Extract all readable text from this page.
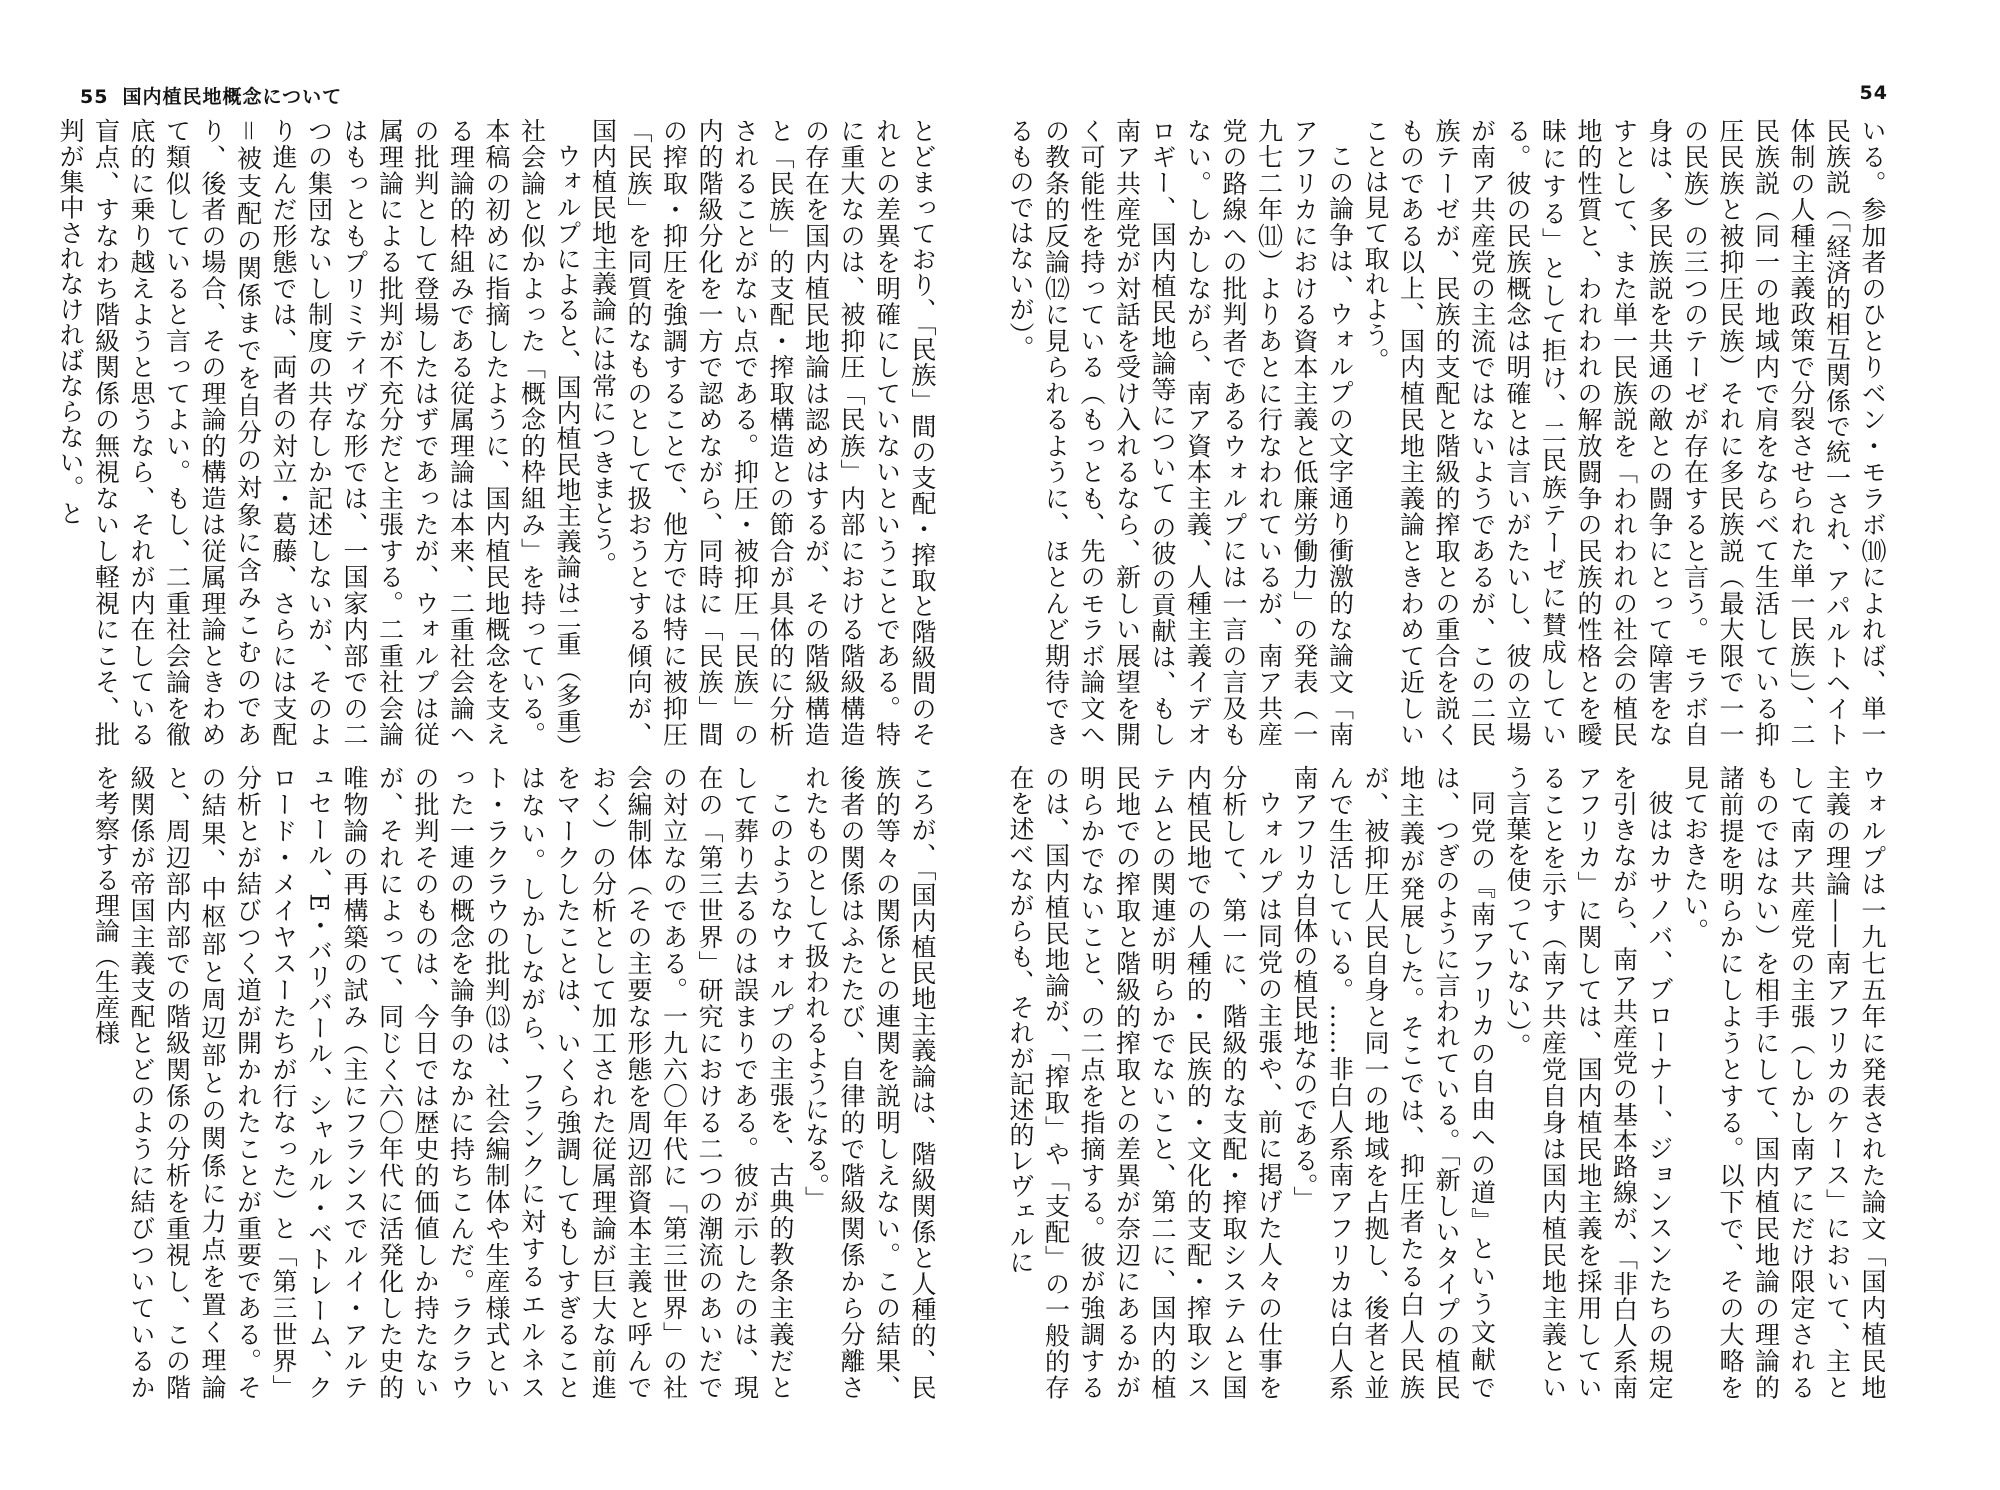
55 国内植民地概念について

とどまっており、「民族」間の支配・搾取と階級間のそれとの差異を明確にしていないということである。特に重大なのは、被抑圧「民族」内部における階級構造の存在を国内植民地論は認めはするが、その階級構造と「民族」的支配・搾取構造との節合が具体的に分析されることがない点である。抑圧・被抑圧「民族」の内的階級分化を一方で認めながら、同時に「民族」間の搾取・抑圧を強調することで、他方では特に被抑圧「民族」を同質的なものとして扱おうとする傾向が、国内植民地主義論には常につきまとう。

ウォルプによると、国内植民地主義論は二重（多重）社会論と似かよった「概念的枠組み」を持っている。本稿の初めに指摘したように、国内植民地概念を支える理論的枠組みである従属理論は本来、二重社会論への批判として登場したはずであったが、ウォルプは従属理論による批判が不充分だと主張する。二重社会論はもっともプリミティヴな形では、一国家内部での二つの集団ないし制度の共存しか記述しないが、そのより進んだ形態では、両者の対立・葛藤、さらには支配＝被支配の関係までを自分の対象に含みこむのであり、後者の場合、その理論的構造は従属理論ときわめて類似していると言ってよい。もし、二重社会論を徹底的に乗り越えようと思うなら、それが内在している盲点、すなわち階級関係の無視ないし軽視にこそ、批判が集中されなければならない。と

ころが、「国内植民地主義論は、階級関係と人種的、民族的等々の関係との連関を説明しえない。この結果、後者の関係はふたたび、自律的で階級関係から分離されたものとして扱われるようになる。」

このようなウォルプの主張を、古典的教条主義だとして葬り去るのは誤まりである。彼が示したのは、現在の「第三世界」研究における二つの潮流のあいだでの対立なのである。一九六〇年代に「第三世界」の社会編制体（その主要な形態を周辺部資本主義と呼んでおく）の分析として加工された従属理論が巨大な前進をマークしたことは、いくら強調してもしすぎることはない。しかしながら、フランクに対するエルネスト・ラクラウの批判⒀は、社会編制体や生産様式といった一連の概念を論争のなかに持ちこんだ。ラクラウの批判そのものは、今日では歴史的価値しか持たないが、それによって、同じく六〇年代に活発化した史的唯物論の再構築の試み（主にフランスでルイ・アルテュセール、E・バリバール、シャルル・ベトレーム、クロード・メイヤスーたちが行なった）と「第三世界」分析とが結びつく道が開かれたことが重要である。その結果、中枢部と周辺部との関係に力点を置く理論と、周辺部内部での階級関係の分析を重視し、この階級関係が帝国主義支配とどのように結びついているかを考察する理論（生産様

54

いる。参加者のひとりベン・モラボ⑽によれば、単一民族説（「経済的相互関係で統一され、アパルトヘイト体制の人種主義政策で分裂させられた単一民族」）、二民族説（同一の地域内で肩をならべて生活している抑圧民族と被抑圧民族）それに多民族説（最大限で一一の民族）の三つのテーゼが存在すると言う。モラボ自身は、多民族説を共通の敵との闘争にとって障害をなすとして、また単一民族説を「われわれの社会の植民地的性質と、われわれの解放闘争の民族的性格とを曖昧にする」として拒け、二民族テーゼに賛成している。彼の民族概念は明確とは言いがたいし、彼の立場が南ア共産党の主流ではないようであるが、この二民族テーゼが、民族的支配と階級的搾取との重合を説くものである以上、国内植民地主義論ときわめて近しいことは見て取れよう。

この論争は、ウォルプの文字通り衝激的な論文「南アフリカにおける資本主義と低廉労働力」の発表（一九七二年⑾）よりあとに行なわれているが、南ア共産党の路線への批判者であるウォルプには一言の言及もない。しかしながら、南ア資本主義、人種主義イデオロギー、国内植民地論等について の彼の貢献は、もし南ア共産党が対話を受け入れるなら、新しい展望を開く可能性を持っている（もっとも、先のモラボ論文への教条的反論⑿に見られるように、ほとんど期待できるものではないが）。

ウォルプは一九七五年に発表された論文「国内植民地主義の理論——南アフリカのケース」において、主として南ア共産党の主張（しかし南アにだけ限定されるものではない）を相手にして、国内植民地論の理論的諸前提を明らかにしようとする。以下で、その大略を見ておきたい。

彼はカサノバ、ブローナー、ジョンスンたちの規定を引きながら、南ア共産党の基本路線が、「非白人系南アフリカ」に関しては、国内植民地主義を採用していることを示す（南ア共産党自身は国内植民地主義という言葉を使っていない）。

同党の『南アフリカの自由への道』という文献では、つぎのように言われている。「新しいタイプの植民地主義が発展した。そこでは、抑圧者たる白人民族が、被抑圧人民自身と同一の地域を占拠し、後者と並んで生活している。……非白人系南アフリカは白人系南アフリカ自体の植民地なのである。」

ウォルプは同党の主張や、前に掲げた人々の仕事を分析して、第一に、階級的な支配・搾取システムと国内植民地での人種的・民族的・文化的支配・搾取システムとの関連が明らかでないこと、第二に、国内的植民地での搾取と階級的搾取との差異が奈辺にあるかが明らかでないこと、の二点を指摘する。彼が強調するのは、国内植民地論が、「搾取」や「支配」の一般的存在を述べながらも、それが記述的レヴェルに
